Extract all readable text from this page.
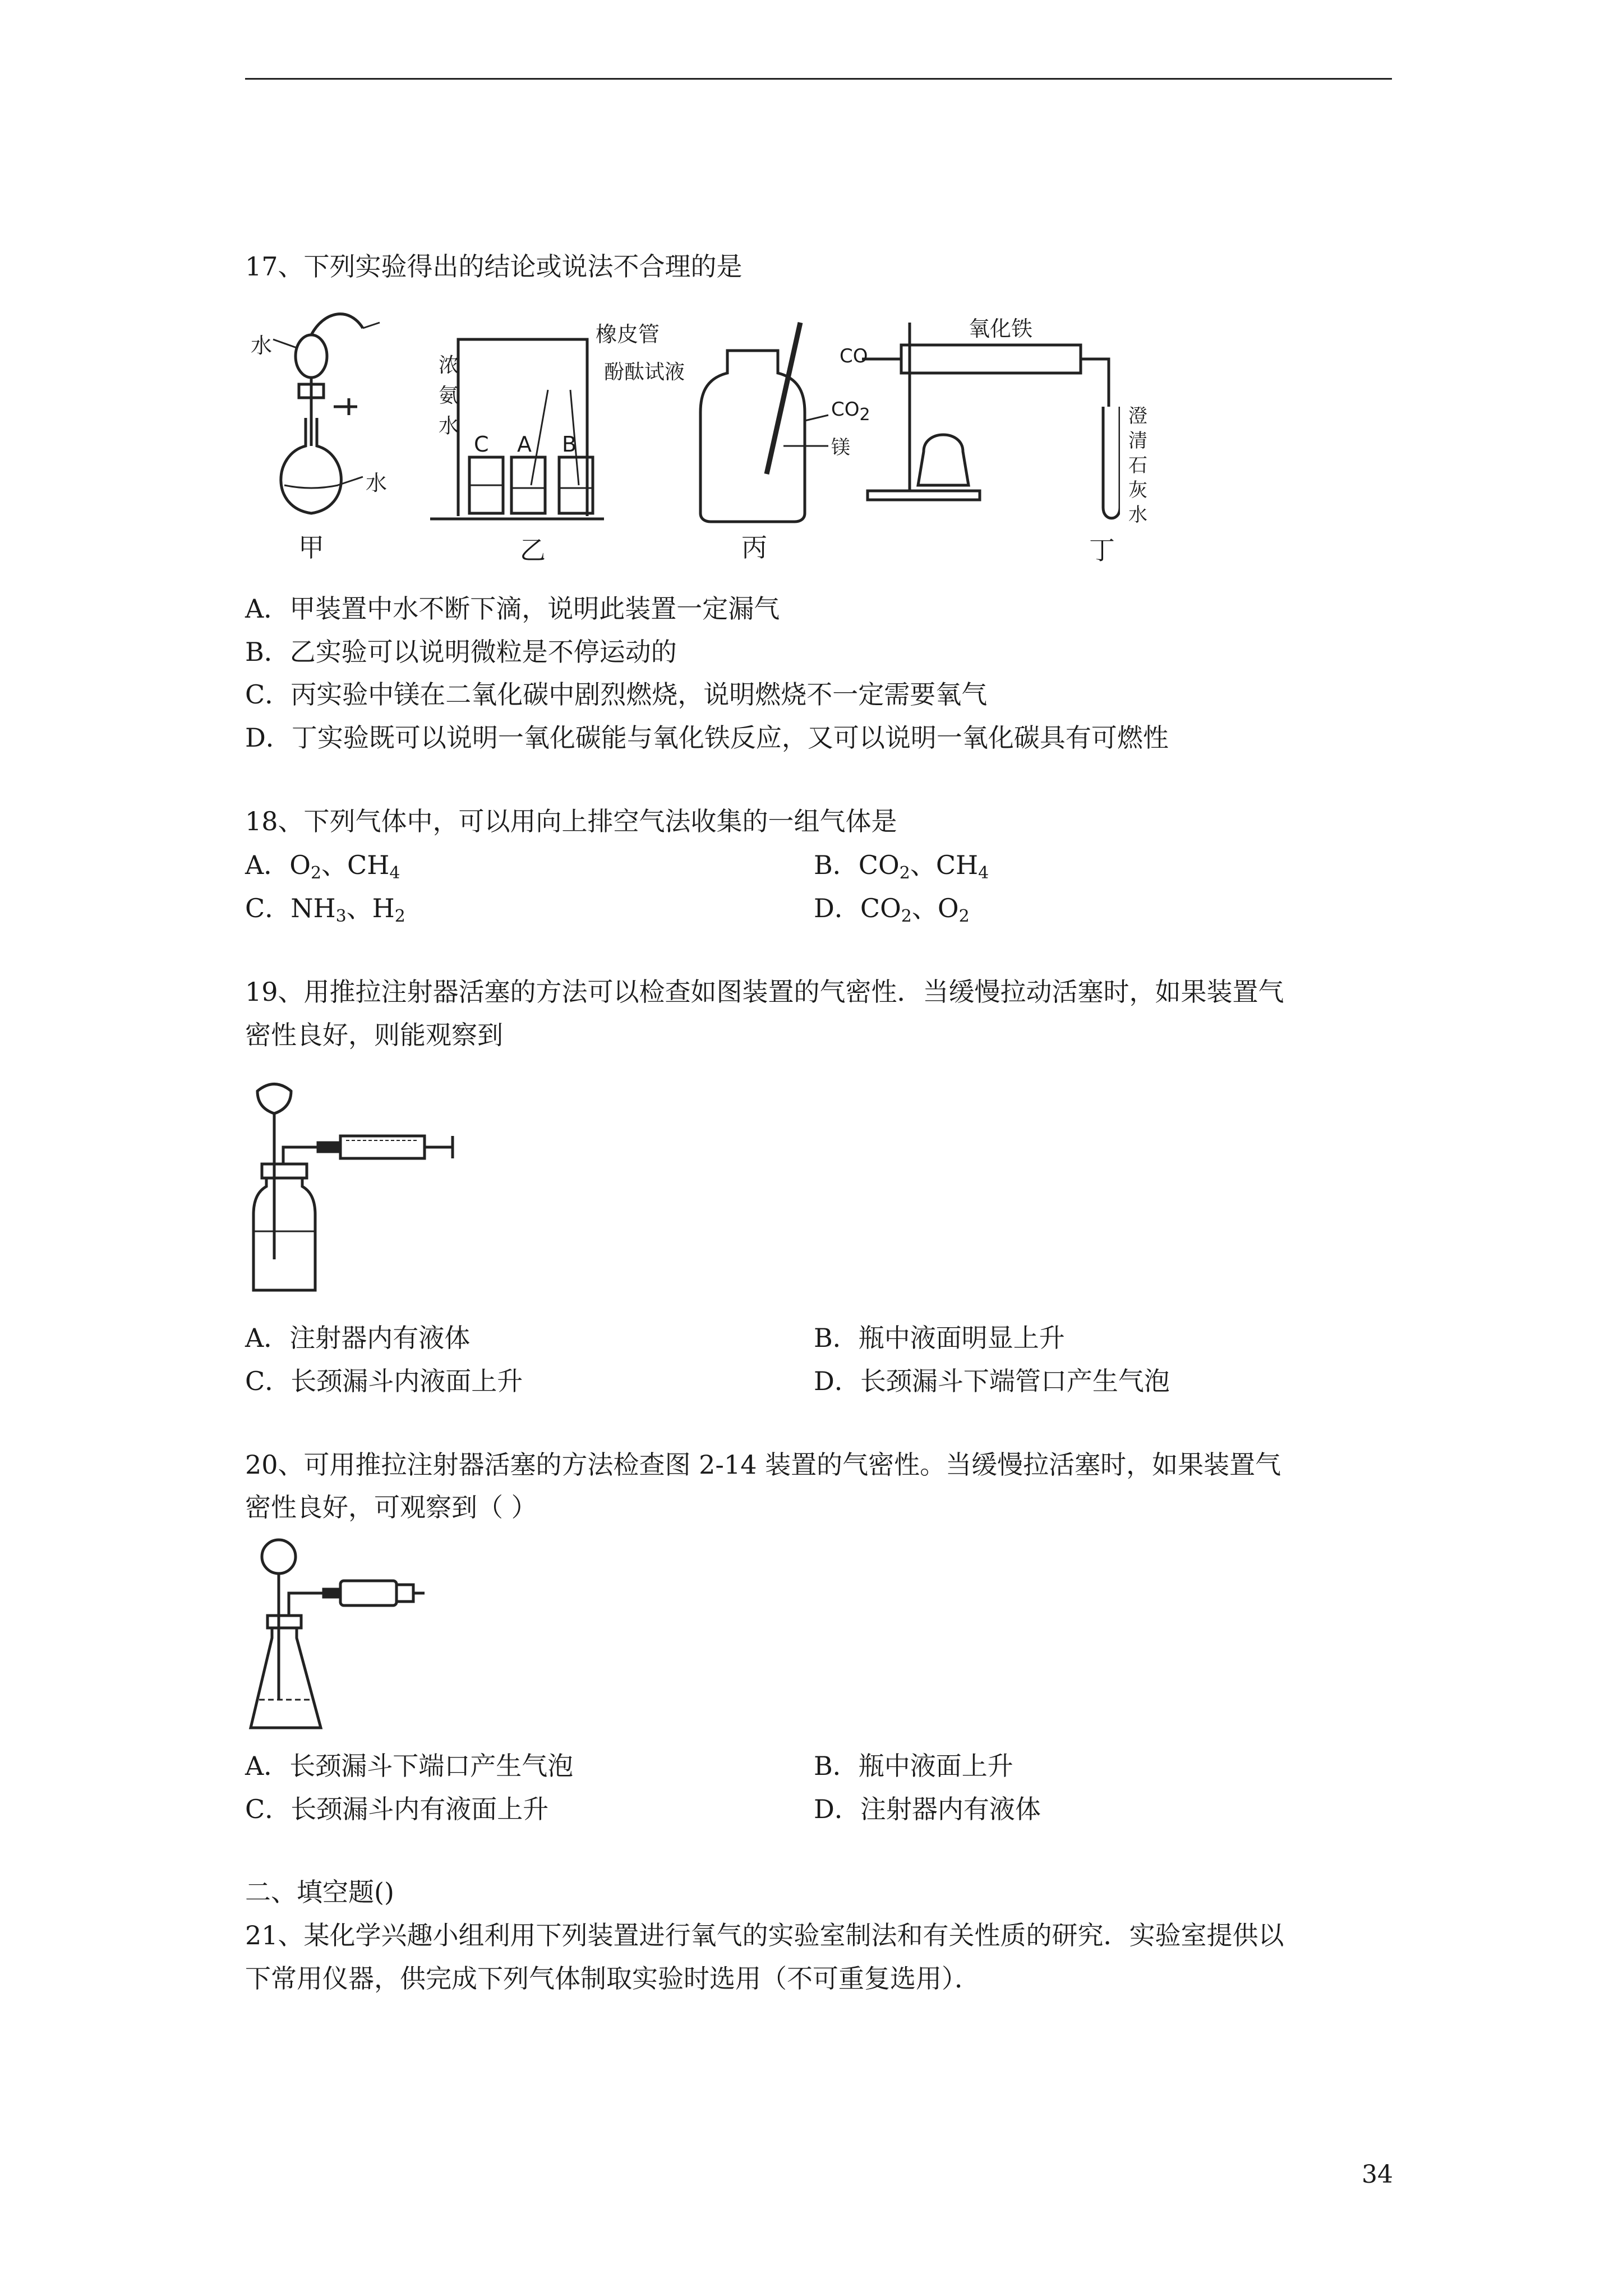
17、下列实验得出的结论或说法不合理的是
橡皮管
水
水
浓
氨
水
酚酞试液
C A B
$CO_2$
镁
CO
氧化铁
澄
清
石
灰
水
甲	乙	丙	丁
A．甲装置中水不断下滴，说明此装置一定漏气
B．乙实验可以说明微粒是不停运动的
C．丙实验中镁在二氧化碳中剧烈燃烧，说明燃烧不一定需要氧气
D．丁实验既可以说明一氧化碳能与氧化铁反应，又可以说明一氧化碳具有可燃性
18、下列气体中，可以用向上排空气法收集的一组气体是
A．$O_2$、$CH_4$	B．$CO_2$、$CH_4$
C．$NH_3$、$H_2$	D．$CO_2$、$O_2$
19、用推拉注射器活塞的方法可以检查如图装置的气密性．当缓慢拉动活塞时，如果装置气
密性良好，则能观察到
A．注射器内有液体	B．瓶中液面明显上升
C．长颈漏斗内液面上升	D．长颈漏斗下端管口产生气泡
20、可用推拉注射器活塞的方法检查图 2-14 装置的气密性。当缓慢拉活塞时，如果装置气
密性良好，可观察到（ ）
A．长颈漏斗下端口产生气泡	B．瓶中液面上升
C．长颈漏斗内有液面上升	D．注射器内有液体
二、填空题()
21、某化学兴趣小组利用下列装置进行氧气的实验室制法和有关性质的研究．实验室提供以
下常用仪器，供完成下列气体制取实验时选用（不可重复选用）．
34
